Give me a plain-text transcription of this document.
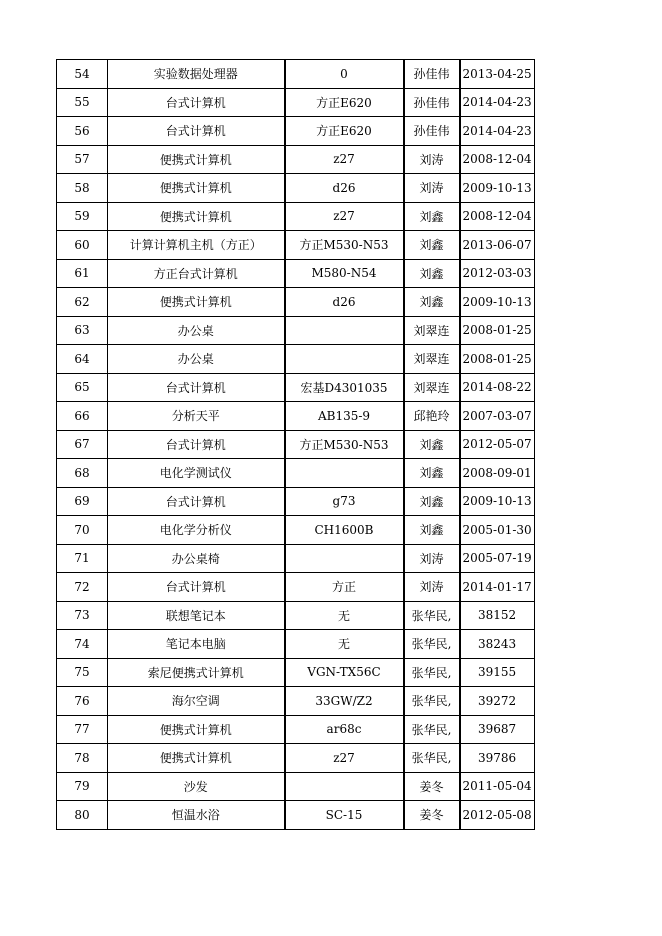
54	实验数据处理器	0	孙佳伟	2013-04-25
55	台式计算机	方正E620	孙佳伟	2014-04-23
56	台式计算机	方正E620	孙佳伟	2014-04-23
57	便携式计算机	z27	刘涛	2008-12-04
58	便携式计算机	d26	刘涛	2009-10-13
59	便携式计算机	z27	刘鑫	2008-12-04
60	计算计算机主机（方正）	方正M530-N53	刘鑫	2013-06-07
61	方正台式计算机	M580-N54	刘鑫	2012-03-03
62	便携式计算机	d26	刘鑫	2009-10-13
63	办公桌		刘翠连	2008-01-25
64	办公桌		刘翠连	2008-01-25
65	台式计算机	宏基D4301035	刘翠连	2014-08-22
66	分析天平	AB135-9	邱艳玲	2007-03-07
67	台式计算机	方正M530-N53	刘鑫	2012-05-07
68	电化学测试仪		刘鑫	2008-09-01
69	台式计算机	g73	刘鑫	2009-10-13
70	电化学分析仪	CH1600B	刘鑫	2005-01-30
71	办公桌椅		刘涛	2005-07-19
72	台式计算机	方正	刘涛	2014-01-17
73	联想笔记本	无	张华民,	38152
74	笔记本电脑	无	张华民,	38243
75	索尼便携式计算机	VGN-TX56C	张华民,	39155
76	海尔空调	33GW/Z2	张华民,	39272
77	便携式计算机	ar68c	张华民,	39687
78	便携式计算机	z27	张华民,	39786
79	沙发		姜冬	2011-05-04
80	恒温水浴	SC-15	姜冬	2012-05-08
